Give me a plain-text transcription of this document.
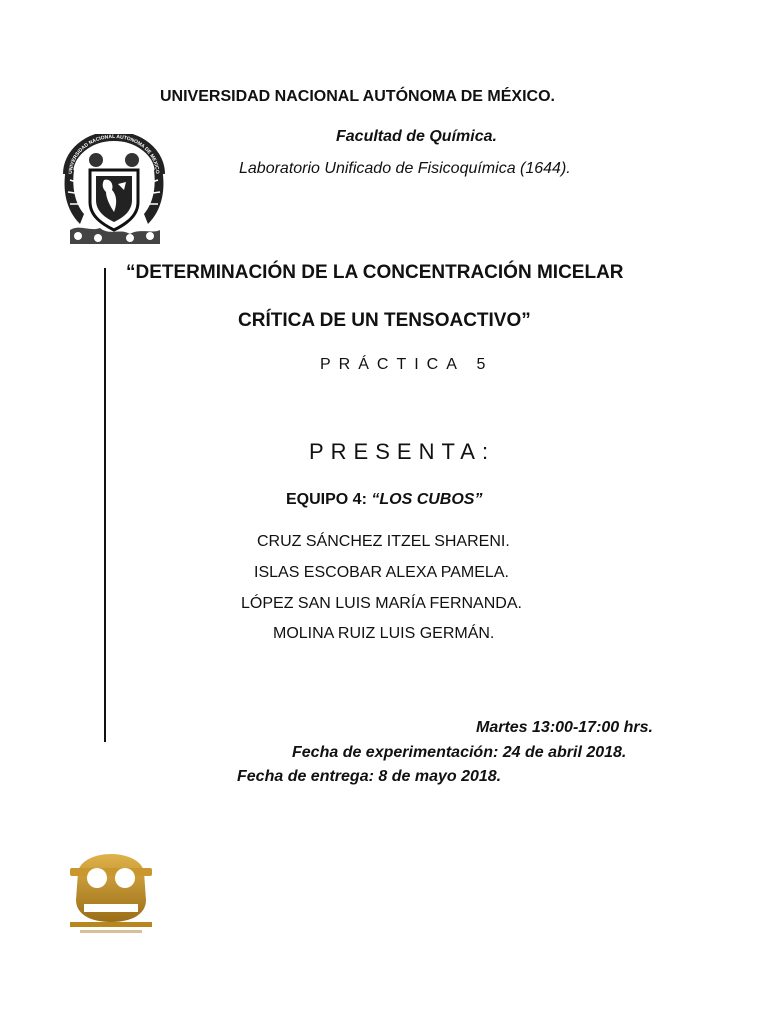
UNIVERSIDAD NACIONAL AUTÓNOMA DE MÉXICO.
Facultad de Química.
Laboratorio Unificado de Fisicoquímica (1644).
UNIVERSIDAD NACIONAL AUTONOMA DE MEXICO
“DETERMINACIÓN DE LA CONCENTRACIÓN MICELAR
CRÍTICA DE UN TENSOACTIVO”
PRÁCTICA 5
PRESENTA:
EQUIPO 4: “LOS CUBOS”
CRUZ SÁNCHEZ ITZEL SHARENI.
ISLAS ESCOBAR ALEXA PAMELA.
LÓPEZ SAN LUIS MARÍA FERNANDA.
MOLINA RUIZ LUIS GERMÁN.
Martes 13:00-17:00 hrs.
Fecha de experimentación: 24 de abril 2018.
Fecha de entrega: 8 de mayo 2018.
